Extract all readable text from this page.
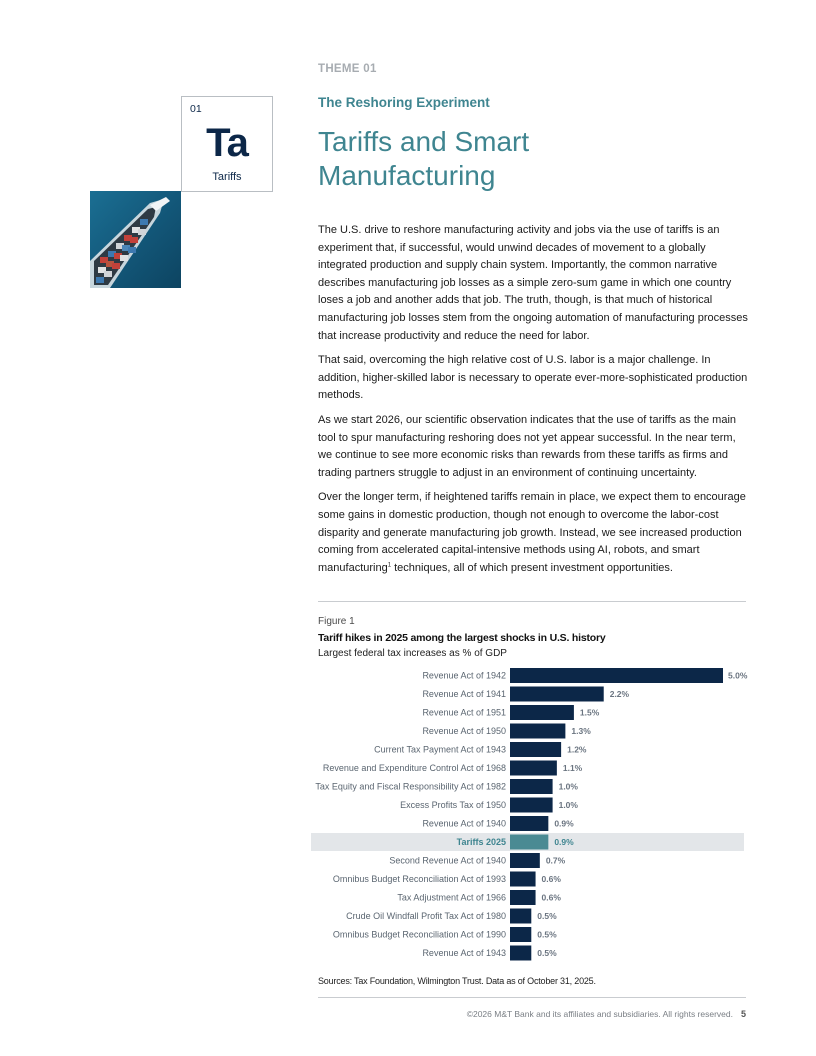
THEME 01
The Reshoring Experiment
Tariffs and Smart
Manufacturing
01
Ta
Tariffs

The U.S. drive to reshore manufacturing activity and jobs via the use of tariffs is an experiment that, if successful, would unwind decades of movement to a globally integrated production and supply chain system. Importantly, the common narrative describes manufacturing job losses as a simple zero-sum game in which one country loses a job and another adds that job. The truth, though, is that much of historical manufacturing job losses stem from the ongoing automation of manufacturing processes that increase productivity and reduce the need for labor.

That said, overcoming the high relative cost of U.S. labor is a major challenge. In addition, higher-skilled labor is necessary to operate ever-more-sophisticated production methods.

As we start 2026, our scientific observation indicates that the use of tariffs as the main tool to spur manufacturing reshoring does not yet appear successful. In the near term, we continue to see more economic risks than rewards from these tariffs as firms and trading partners struggle to adjust in an environment of continuing uncertainty.

Over the longer term, if heightened tariffs remain in place, we expect them to encourage some gains in domestic production, though not enough to overcome the labor-cost disparity and generate manufacturing job growth. Instead, we see increased production coming from accelerated capital-intensive methods using AI, robots, and smart manufacturing$^1$ techniques, all of which present investment opportunities.

Figure 1
Tariff hikes in 2025 among the largest shocks in U.S. history
Largest federal tax increases as % of GDP
Revenue Act of 1942	5.0%
Revenue Act of 1941	2.2%
Revenue Act of 1951	1.5%
Revenue Act of 1950	1.3%
Current Tax Payment Act of 1943	1.2%
Revenue and Expenditure Control Act of 1968	1.1%
Tax Equity and Fiscal Responsibility Act of 1982	1.0%
Excess Profits Tax of 1950	1.0%
Revenue Act of 1940	0.9%
Tariffs 2025	0.9%
Second Revenue Act of 1940	0.7%
Omnibus Budget Reconciliation Act of 1993	0.6%
Tax Adjustment Act of 1966	0.6%
Crude Oil Windfall Profit Tax Act of 1980	0.5%
Omnibus Budget Reconciliation Act of 1990	0.5%
Revenue Act of 1943	0.5%
Sources: Tax Foundation, Wilmington Trust. Data as of October 31, 2025.
©2026 M&T Bank and its affiliates and subsidiaries. All rights reserved. 5
